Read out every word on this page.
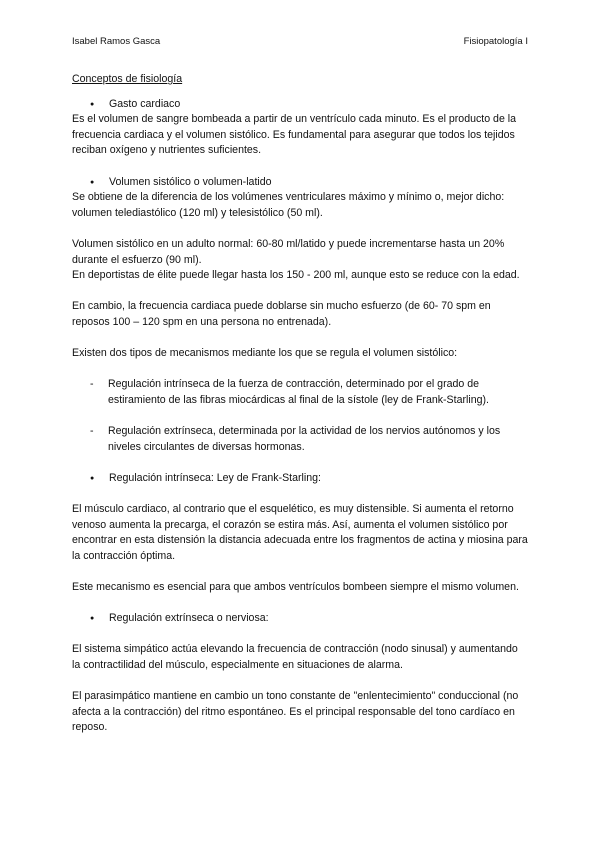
Isabel Ramos Gasca	Fisiopatología I

Conceptos de fisiología

●	Gasto cardiaco

Es el volumen de sangre bombeada a partir de un ventrículo cada minuto. Es el producto de la frecuencia cardiaca y el volumen sistólico. Es fundamental para asegurar que todos los tejidos reciban oxígeno y nutrientes suficientes.

●	Volumen sistólico o volumen-latido

Se obtiene de la diferencia de los volúmenes ventriculares máximo y mínimo o, mejor dicho: volumen telediastólico (120 ml) y telesistólico (50 ml).

Volumen sistólico en un adulto normal: 60-80 ml/latido y puede incrementarse hasta un 20% durante el esfuerzo (90 ml).

En deportistas de élite puede llegar hasta los 150 - 200 ml, aunque esto se reduce con la edad.

En cambio, la frecuencia cardiaca puede doblarse sin mucho esfuerzo (de 60- 70 spm en reposos 100 – 120 spm en una persona no entrenada).

Existen dos tipos de mecanismos mediante los que se regula el volumen sistólico:

- Regulación intrínseca de la fuerza de contracción, determinado por el grado de estiramiento de las fibras miocárdicas al final de la sístole (ley de Frank-Starling).
- Regulación extrínseca, determinada por la actividad de los nervios autónomos y los niveles circulantes de diversas hormonas.
●	Regulación intrínseca: Ley de Frank-Starling:

El músculo cardiaco, al contrario que el esquelético, es muy distensible. Si aumenta el retorno venoso aumenta la precarga, el corazón se estira más. Así, aumenta el volumen sistólico por encontrar en esta distensión la distancia adecuada entre los fragmentos de actina y miosina para la contracción óptima.

Este mecanismo es esencial para que ambos ventrículos bombeen siempre el mismo volumen.

●	Regulación extrínseca o nerviosa:

El sistema simpático actúa elevando la frecuencia de contracción (nodo sinusal) y aumentando la contractilidad del músculo, especialmente en situaciones de alarma.

El parasimpático mantiene en cambio un tono constante de "enlentecimiento" conduccional (no afecta a la contracción) del ritmo espontáneo. Es el principal responsable del tono cardíaco en reposo.
